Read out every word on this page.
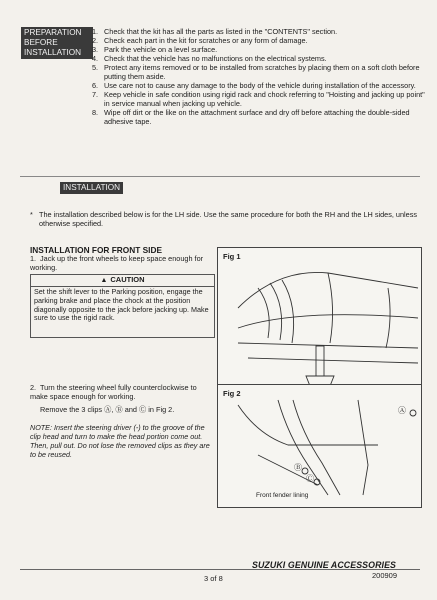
PREPARATION
BEFORE
INSTALLATION
1. Check that the kit has all the parts as listed in the "CONTENTS" section.
2. Check each part in the kit for scratches or any form of damage.
3. Park the vehicle on a level surface.
4. Check that the vehicle has no malfunctions on the electrical systems.
5. Protect any items removed or to be installed from scratches by placing them on a soft cloth before putting them aside.
6. Use care not to cause any damage to the body of the vehicle during installation of the accessory.
7. Keep vehicle in safe condition using rigid rack and chock referring to "Hoisting and jacking up point" in service manual when jacking up vehicle.
8. Wipe off dirt or the like on the attachment surface and dry off before attaching the double-sided adhesive tape.
INSTALLATION
* The installation described below is for the LH side. Use the same procedure for both the RH and the LH sides, unless otherwise specified.
INSTALLATION FOR FRONT SIDE
1. Jack up the front wheels to keep space enough for working.
▲ CAUTION
Set the shift lever to the Parking position, engage the parking brake and place the chock at the position diagonally opposite to the jack before jacking up. Make sure to use the rigid rack.
Fig 1
2. Turn the steering wheel fully counterclockwise to make space enough for working.
Remove the 3 clips Ⓐ, Ⓑ and Ⓒ in Fig 2.
NOTE: Insert the steering driver (-) to the groove of the clip head and turn to make the head portion come out. Then, pull out. Do not lose the removed clips as they are to be reused.
Fig 2
Ⓐ
Ⓑ
Ⓒ
Front fender lining
SUZUKI GENUINE ACCESSORIES
200909
3 of 8
